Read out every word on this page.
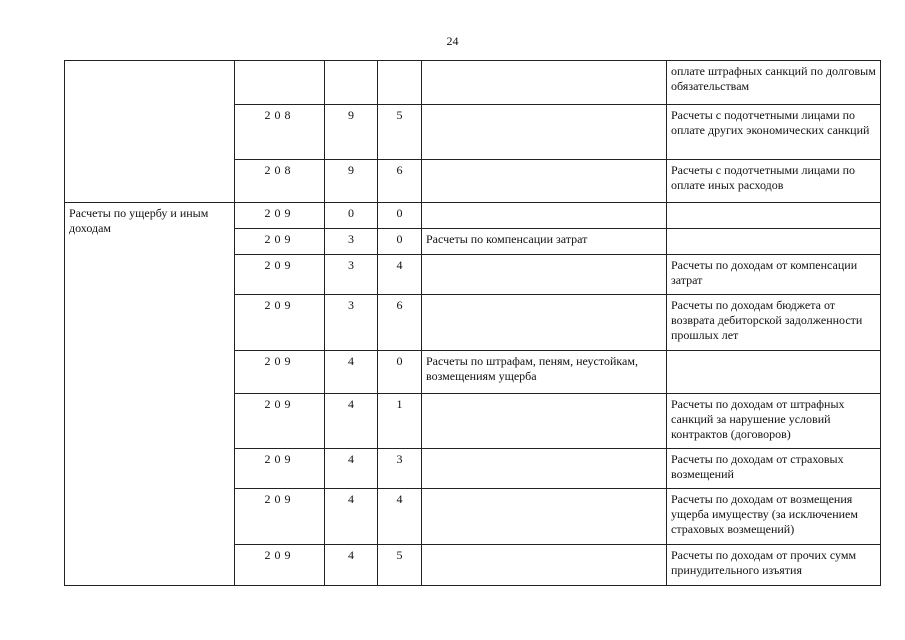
24
					оплате штрафных санкций по долговым обязательствам
	208	9	5		Расчеты с подотчетными лицами по оплате других экономических санкций
	208	9	6		Расчеты с подотчетными лицами по оплате иных расходов
Расчеты по ущербу и иным доходам	209	0	0		
	209	3	0	Расчеты по компенсации затрат	
	209	3	4		Расчеты по доходам от компенсации затрат
	209	3	6		Расчеты по доходам бюджета от возврата дебиторской задолженности прошлых лет
	209	4	0	Расчеты по штрафам, пеням, неустойкам, возмещениям ущерба	
	209	4	1		Расчеты по доходам от штрафных санкций за нарушение условий контрактов (договоров)
	209	4	3		Расчеты по доходам от страховых возмещений
	209	4	4		Расчеты по доходам от возмещения ущерба имуществу (за исключением страховых возмещений)
	209	4	5		Расчеты по доходам от прочих сумм принудительного изъятия
